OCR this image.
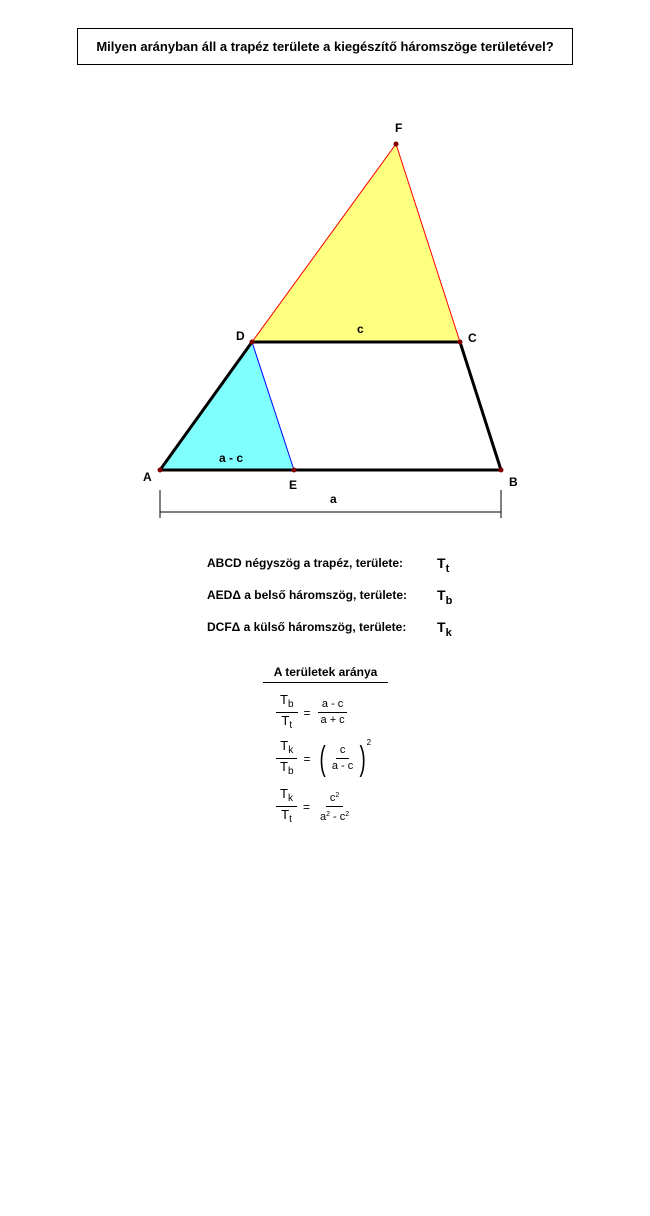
Milyen arányban áll a trapéz területe a kiegészítő háromszöge területével?
F
D	C
A
E	B
c
a - c
a
ABCD négyszög a trapéz, területe: $T_t$
AEDΔ a belső háromszög, területe: $T_b$
DCFΔ a külső háromszög, területe: $T_k$
A területek aránya
$\frac{T_b}{T_t} = \frac{a - c}{a + c}$
$\frac{T_k}{T_b}$ = ( $\frac{c}{a - c}$ ) 2
$\frac{T_k}{T_t} = \frac{c^2}{a^2 - c^2}$
